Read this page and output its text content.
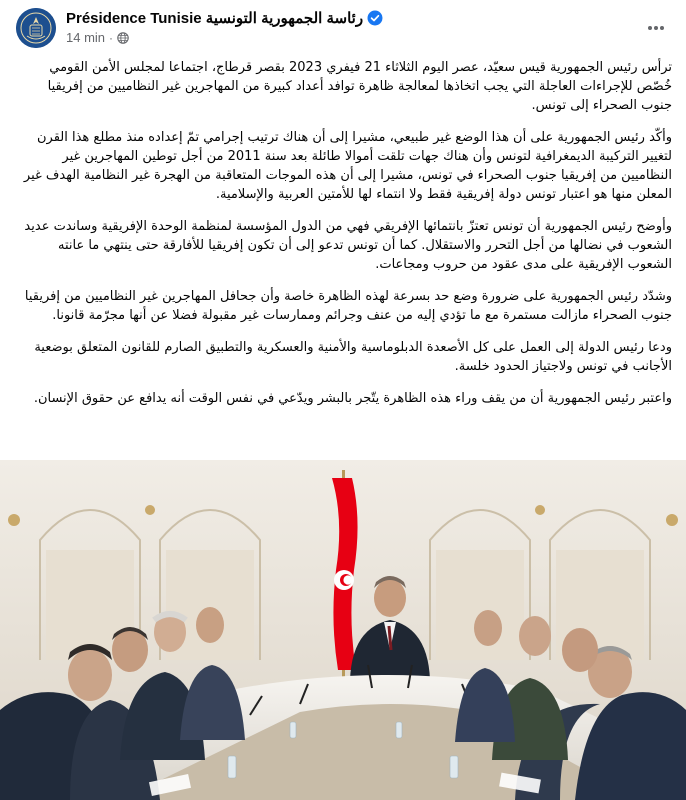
Présidence Tunisie رئاسة الجمهورية التونسية
14 min ·

ترأس رئيس الجمهورية قيس سعيّد، عصر اليوم الثلاثاء 21 فيفري 2023 بقصر قرطاج، اجتماعا لمجلس الأمن القومي خُصّص للإجراءات العاجلة التي يجب اتخاذها لمعالجة ظاهرة توافد أعداد كبيرة من المهاجرين غير النظاميين من إفريقيا جنوب الصحراء إلى تونس.

وأكّد رئيس الجمهورية على أن هذا الوضع غير طبيعي، مشيرا إلى أن هناك ترتيب إجرامي تمّ إعداده منذ مطلع هذا القرن لتغيير التركيبة الديمغرافية لتونس وأن هناك جهات تلقت أموالا طائلة بعد سنة 2011 من أجل توطين المهاجرين غير النظاميين من إفريقيا جنوب الصحراء في تونس، مشيرا إلى أن هذه الموجات المتعاقبة من الهجرة غير النظامية الهدف غير المعلن منها هو اعتبار تونس دولة إفريقية فقط ولا انتماء لها للأمتين العربية والإسلامية.

وأوضح رئيس الجمهورية أن تونس تعتزّ بانتمائها الإفريقي فهي من الدول المؤسسة لمنظمة الوحدة الإفريقية وساندت عديد الشعوب في نضالها من أجل التحرر والاستقلال. كما أن تونس تدعو إلى أن تكون إفريقيا للأفارقة حتى ينتهي ما عانته الشعوب الإفريقية على مدى عقود من حروب ومجاعات.

وشدّد رئيس الجمهورية على ضرورة وضع حد بسرعة لهذه الظاهرة خاصة وأن جحافل المهاجرين غير النظاميين من إفريقيا جنوب الصحراء مازالت مستمرة مع ما تؤدي إليه من عنف وجرائم وممارسات غير مقبولة فضلا عن أنها مجرّمة قانونا.

ودعا رئيس الدولة إلى العمل على كل الأصعدة الدبلوماسية والأمنية والعسكرية والتطبيق الصارم للقانون المتعلق بوضعية الأجانب في تونس ولاجتياز الحدود خلسة.

واعتبر رئيس الجمهورية أن من يقف وراء هذه الظاهرة يتّجر بالبشر ويدّعي في نفس الوقت أنه يدافع عن حقوق الإنسان.
